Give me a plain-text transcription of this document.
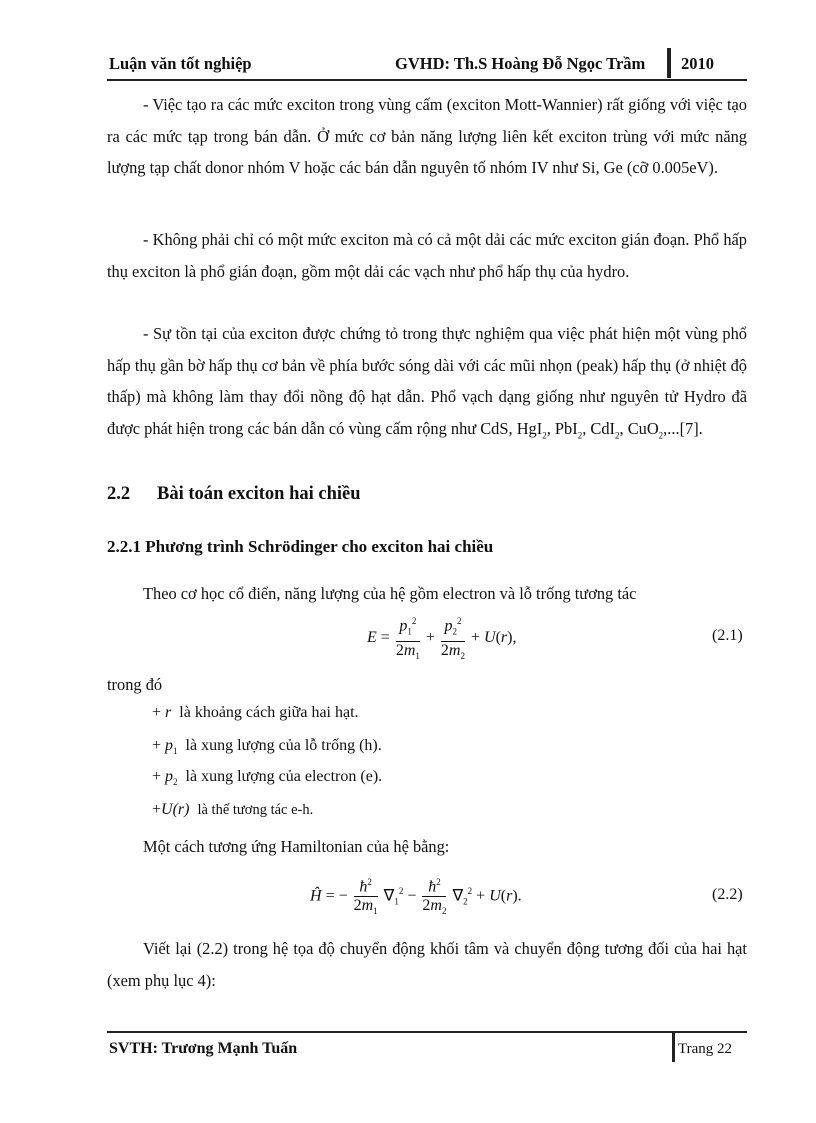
Luận văn tốt nghiệp	GVHD: Th.S Hoàng Đỗ Ngọc Trầm 2010

- Việc tạo ra các mức exciton trong vùng cấm (exciton Mott-Wannier) rất giống với việc tạo ra các mức tạp trong bán dẫn. Ở mức cơ bản năng lượng liên kết exciton trùng với mức năng lượng tạp chất donor nhóm V hoặc các bán dẫn nguyên tố nhóm IV như Si, Ge (cỡ 0.005eV).

- Không phải chỉ có một mức exciton mà có cả một dải các mức exciton gián đoạn. Phổ hấp thụ exciton là phổ gián đoạn, gồm một dải các vạch như phổ hấp thụ của hydro.

- Sự tồn tại của exciton được chứng tỏ trong thực nghiệm qua việc phát hiện một vùng phổ hấp thụ gần bờ hấp thụ cơ bản về phía bước sóng dài với các mũi nhọn (peak) hấp thụ (ở nhiệt độ thấp) mà không làm thay đổi nồng độ hạt dẫn. Phổ vạch dạng giống như nguyên tử Hydro đã được phát hiện trong các bán dẫn có vùng cấm rộng như CdS, HgI$_2$, PbI$_2$, CdI$_2$, CuO$_2$,...[7].

2.2 Bài toán exciton hai chiều
2.2.1 Phương trình Schrödinger cho exciton hai chiều
Theo cơ học cổ điển, năng lượng của hệ gồm electron và lỗ trống tương tác
$E = \frac{p_1^2}{2m_1} + \frac{p_2^2}{2m_2} + U(r)$,	(2.1)
trong đó
+ r là khoảng cách giữa hai hạt.
+ $p_1$ là xung lượng của lỗ trống (h).
+ $p_2$ là xung lượng của electron (e).
+U(r) là thế tương tác e-h.
Một cách tương ứng Hamiltonian của hệ bằng:
Ĥ = − $\frac{ħ^2}{2m_1} \nabla_1^2 - \frac{ħ^2}{2m_2} \nabla_2^2 + U(r)$.	(2.2)

Viết lại (2.2) trong hệ tọa độ chuyển động khối tâm và chuyển động tương đối của hai hạt (xem phụ lục 4):

SVTH: Trương Mạnh Tuấn	Trang 22
